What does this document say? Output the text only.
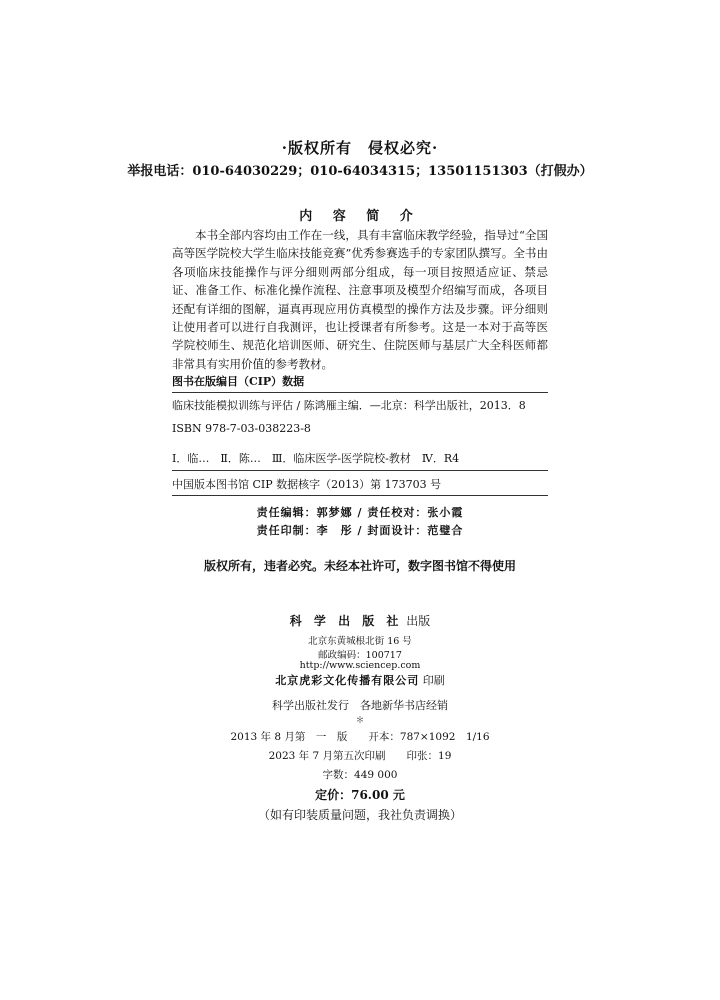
·版权所有　侵权必究·
举报电话：010-64030229；010-64034315；13501151303（打假办）
内 容 简 介

本书全部内容均由工作在一线，具有丰富临床教学经验，指导过“全国高等医学院校大学生临床技能竞赛”优秀参赛选手的专家团队撰写。全书由各项临床技能操作与评分细则两部分组成，每一项目按照适应证、禁忌证、准备工作、标准化操作流程、注意事项及模型介绍编写而成，各项目还配有详细的图解，逼真再现应用仿真模型的操作方法及步骤。评分细则让使用者可以进行自我测评，也让授课者有所参考。这是一本对于高等医学院校师生、规范化培训医师、研究生、住院医师与基层广大全科医师都非常具有实用价值的参考教材。

图书在版编目（CIP）数据
临床技能模拟训练与评估 / 陈鸿雁主编．—北京：科学出版社，2013．8
ISBN 978-7-03-038223-8
Ⅰ．临…　Ⅱ．陈…　Ⅲ．临床医学-医学院校-教材　Ⅳ．R4
中国版本图书馆 CIP 数据核字（2013）第 173703 号
责任编辑：郭梦娜 / 责任校对：张小霞
责任印制：李　彤 / 封面设计：范璧合
版权所有，违者必究。未经本社许可，数字图书馆不得使用
科 学 出 版 社 出版
北京东黄城根北街 16 号
邮政编码：100717
http://www.sciencep.com
北京虎彩文化传播有限公司 印刷
科学出版社发行　各地新华书店经销
＊
2013 年 8 月第　一　版　　开本：787×1092　1/16
2023 年 7 月第五次印刷　　印张：19
字数：449 000
定价：76.00 元
（如有印装质量问题，我社负责调换）
